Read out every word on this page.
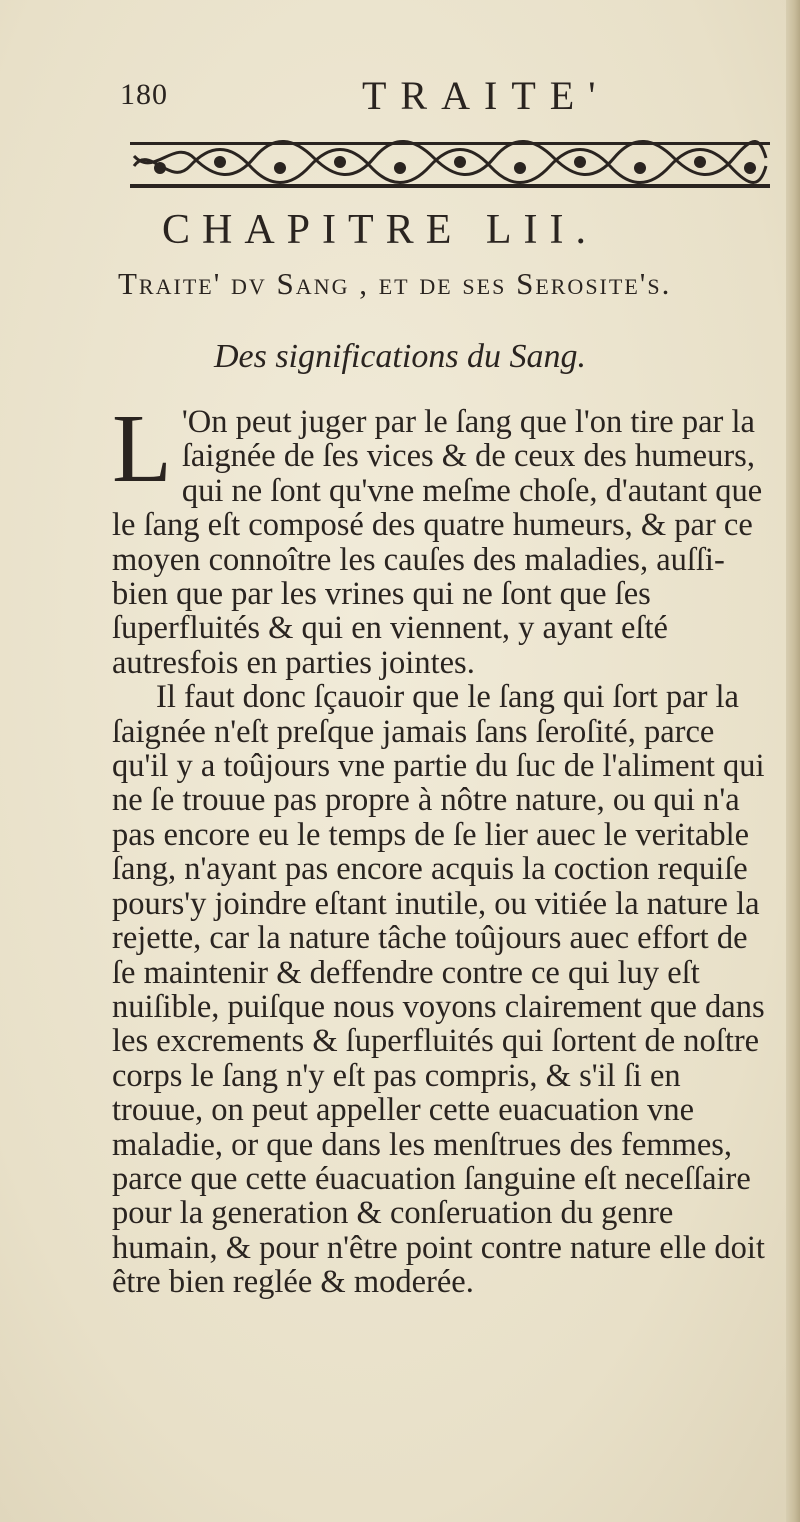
180	TRAITE'
CHAPITRE LII.
Traite' dv Sang , et de ses Serositе's.
Des significations du Sang.

L 'On peut juger par le ſang que l'on tire par la ſaignée de ſes vices & de ceux des humeurs, qui ne ſont qu'vne meſme choſe, d'autant que le ſang eſt composé des quatre humeurs, & par ce moyen connoître les cauſes des maladies, auſſi-bien que par les vrines qui ne ſont que ſes ſuperfluités & qui en viennent, y ayant eſté autresfois en parties jointes.

Il faut donc ſçauoir que le ſang qui ſort par la ſaignée n'eſt preſque jamais ſans ſeroſité, parce qu'il y a toûjours vne partie du ſuc de l'aliment qui ne ſe trouue pas propre à nôtre nature, ou qui n'a pas encore eu le temps de ſe lier auec le veritable ſang, n'ayant pas encore acquis la coction requiſe pours'y joindre eſtant inutile, ou vitiée la nature la rejette, car la nature tâche toûjours auec effort de ſe maintenir & deffendre contre ce qui luy eſt nuiſible, puiſque nous voyons clairement que dans les excrements & ſuperfluités qui ſortent de noſtre corps le ſang n'y eſt pas compris, & s'il ſi en trouue, on peut appeller cette euacuation vne maladie, or que dans les menſtrues des femmes, parce que cette éuacuation ſanguine eſt neceſſaire pour la generation & conſeruation du genre humain, & pour n'être point contre nature elle doit être bien reglée & moderée.
